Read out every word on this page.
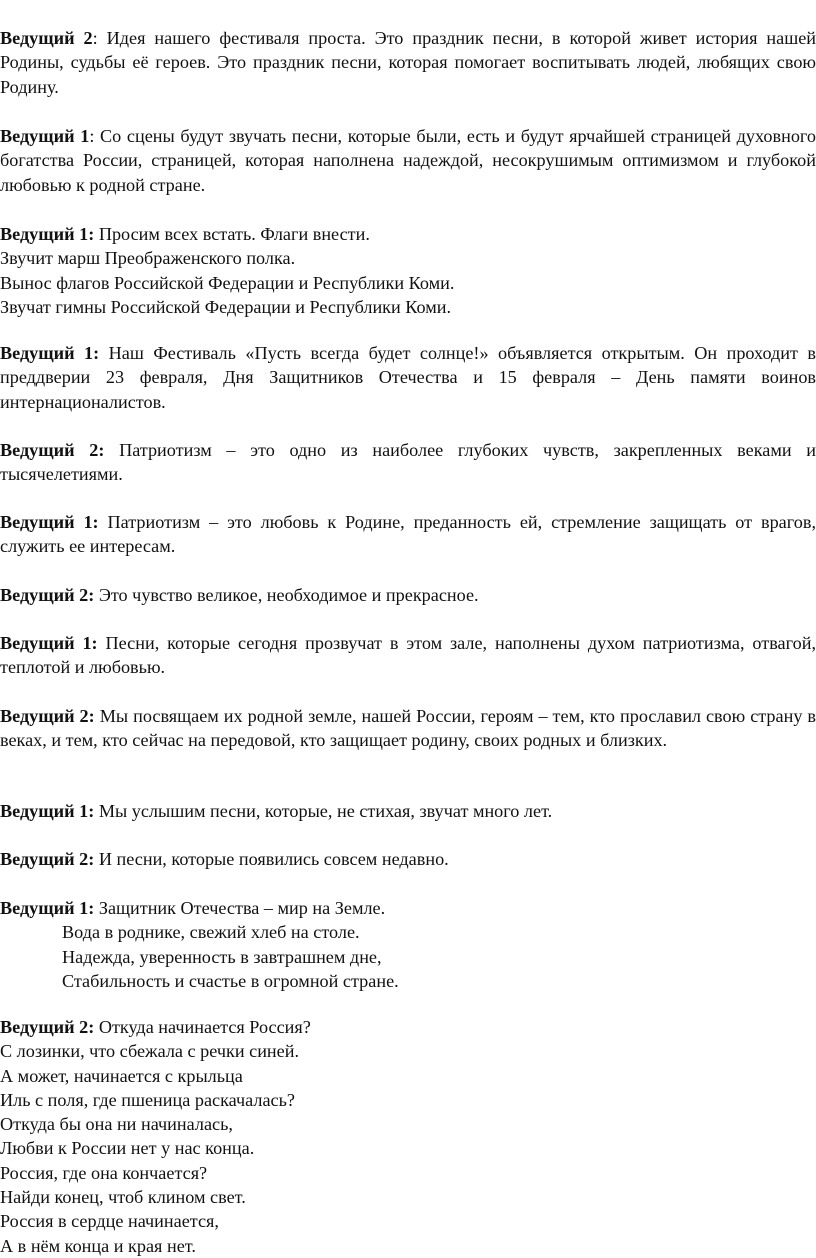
Ведущий 2: Идея нашего фестиваля проста. Это праздник песни, в которой живет история нашей Родины, судьбы её героев. Это праздник песни, которая помогает воспитывать людей, любящих свою Родину.

Ведущий 1: Со сцены будут звучать песни, которые были, есть и будут ярчайшей страницей духовного богатства России, страницей, которая наполнена надеждой, несокрушимым оптимизмом и глубокой любовью к родной стране.

Ведущий 1: Просим всех встать. Флаги внести.
Звучит марш Преображенского полка.
Вынос флагов Российской Федерации и Республики Коми.
Звучат гимны Российской Федерации и Республики Коми.

Ведущий 1: Наш Фестиваль «Пусть всегда будет солнце!» объявляется открытым. Он проходит в преддверии 23 февраля, Дня Защитников Отечества и 15 февраля – День памяти воинов интернационалистов.

Ведущий 2: Патриотизм – это одно из наиболее глубоких чувств, закрепленных веками и тысячелетиями.

Ведущий 1: Патриотизм – это любовь к Родине, преданность ей, стремление защищать от врагов, служить ее интересам.

Ведущий 2: Это чувство великое, необходимое и прекрасное.

Ведущий 1: Песни, которые сегодня прозвучат в этом зале, наполнены духом патриотизма, отвагой, теплотой и любовью.

Ведущий 2: Мы посвящаем их родной земле, нашей России, героям – тем, кто прославил свою страну в веках, и тем, кто сейчас на передовой, кто защищает родину, своих родных и близких.

Ведущий 1: Мы услышим песни, которые, не стихая, звучат много лет.

Ведущий 2: И песни, которые появились совсем недавно.

Ведущий 1: Защитник Отечества – мир на Земле.
Вода в роднике, свежий хлеб на столе.
Надежда, уверенность в завтрашнем дне,
Стабильность и счастье в огромной стране.
Ведущий 2: Откуда начинается Россия?
С лозинки, что сбежала с речки синей.
А может, начинается с крыльца
Иль с поля, где пшеница раскачалась?
Откуда бы она ни начиналась,
Любви к России нет у нас конца.
Россия, где она кончается?
Найди конец, чтоб клином свет.
Россия в сердце начинается,
А в нём конца и края нет.
